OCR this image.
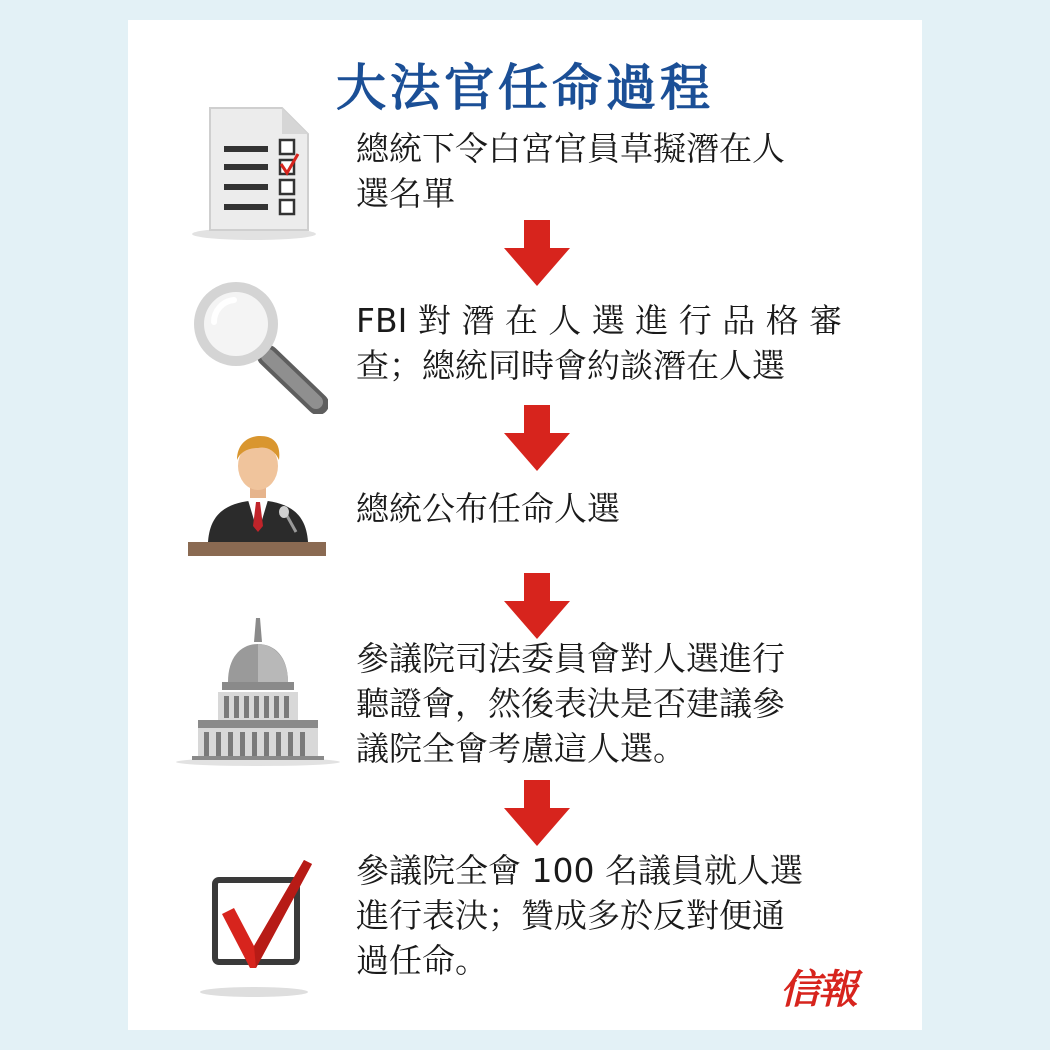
大法官任命過程
總統下令白宮官員草擬潛在人
選名單
FBI 對 潛 在 人 選 進 行 品 格 審
查；總統同時會約談潛在人選
總統公布任命人選
參議院司法委員會對人選進行
聽證會，然後表決是否建議參
議院全會考慮這人選。
參議院全會 100 名議員就人選
進行表決；贊成多於反對便通
過任命。
信報
